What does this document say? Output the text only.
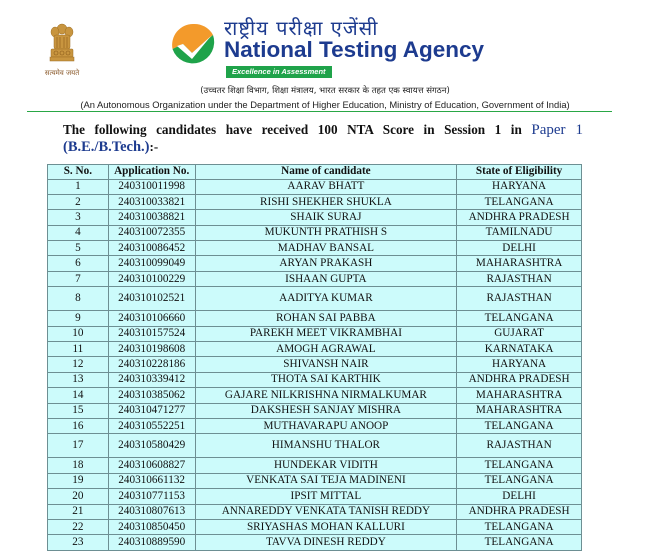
सत्यमेव जयते
राष्ट्रीय परीक्षा एजेंसी
National Testing Agency
Excellence in Assessment
(उच्चतर शिक्षा विभाग, शिक्षा मंत्रालय, भारत सरकार के तहत एक स्वायत्त संगठन)
(An Autonomous Organization under the Department of Higher Education, Ministry of Education, Government of India)
The following candidates have received 100 NTA Score in Session 1 in Paper 1
(B.E./B.Tech.):-
S. No.	Application No.	Name of candidate	State of Eligibility
1	240310011998	AARAV BHATT	HARYANA
2	240310033821	RISHI SHEKHER SHUKLA	TELANGANA
3	240310038821	SHAIK SURAJ	ANDHRA PRADESH
4	240310072355	MUKUNTH PRATHISH S	TAMILNADU
5	240310086452	MADHAV BANSAL	DELHI
6	240310099049	ARYAN PRAKASH	MAHARASHTRA
7	240310100229	ISHAAN GUPTA	RAJASTHAN
8	240310102521	AADITYA KUMAR	RAJASTHAN
9	240310106660	ROHAN SAI PABBA	TELANGANA
10	240310157524	PAREKH MEET VIKRAMBHAI	GUJARAT
11	240310198608	AMOGH AGRAWAL	KARNATAKA
12	240310228186	SHIVANSH NAIR	HARYANA
13	240310339412	THOTA SAI KARTHIK	ANDHRA PRADESH
14	240310385062	GAJARE NILKRISHNA NIRMALKUMAR	MAHARASHTRA
15	240310471277	DAKSHESH SANJAY MISHRA	MAHARASHTRA
16	240310552251	MUTHAVARAPU ANOOP	TELANGANA
17	240310580429	HIMANSHU THALOR	RAJASTHAN
18	240310608827	HUNDEKAR VIDITH	TELANGANA
19	240310661132	VENKATA SAI TEJA MADINENI	TELANGANA
20	240310771153	IPSIT MITTAL	DELHI
21	240310807613	ANNAREDDY VENKATA TANISH REDDY	ANDHRA PRADESH
22	240310850450	SRIYASHAS MOHAN KALLURI	TELANGANA
23	240310889590	TAVVA DINESH REDDY	TELANGANA
